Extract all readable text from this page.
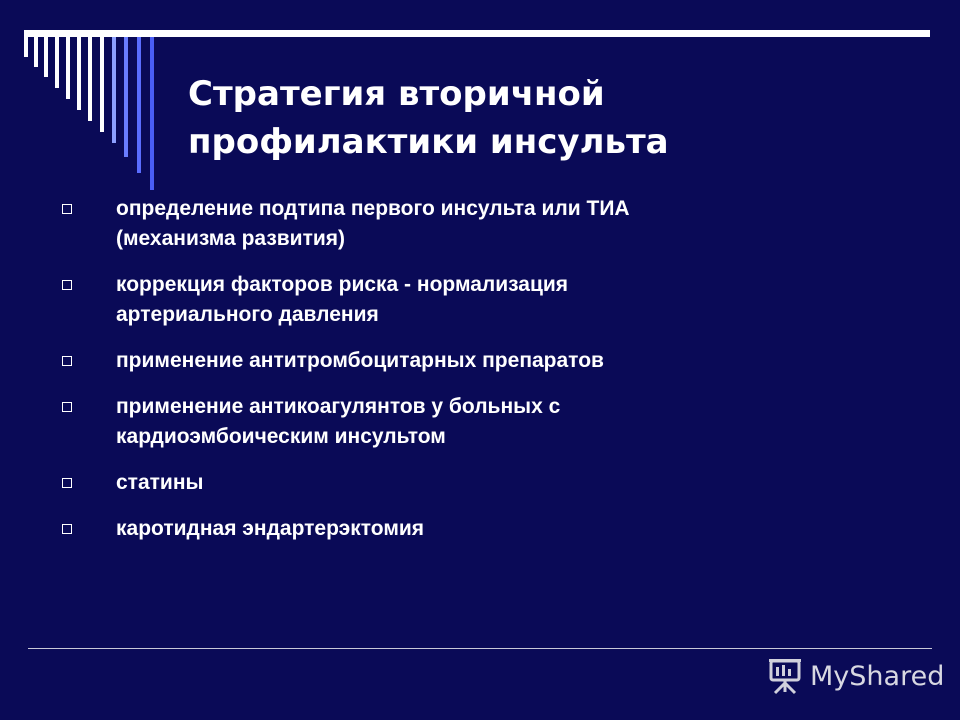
Стратегия вторичной
профилактики инсульта
определение подтипа первого инсульта или ТИА
(механизма развития)
коррекция факторов риска - нормализация
артериального давления
применение антитромбоцитарных препаратов
применение антикоагулянтов у больных с
кардиоэмбоическим инсультом
статины
каротидная эндартерэктомия
MyShared
